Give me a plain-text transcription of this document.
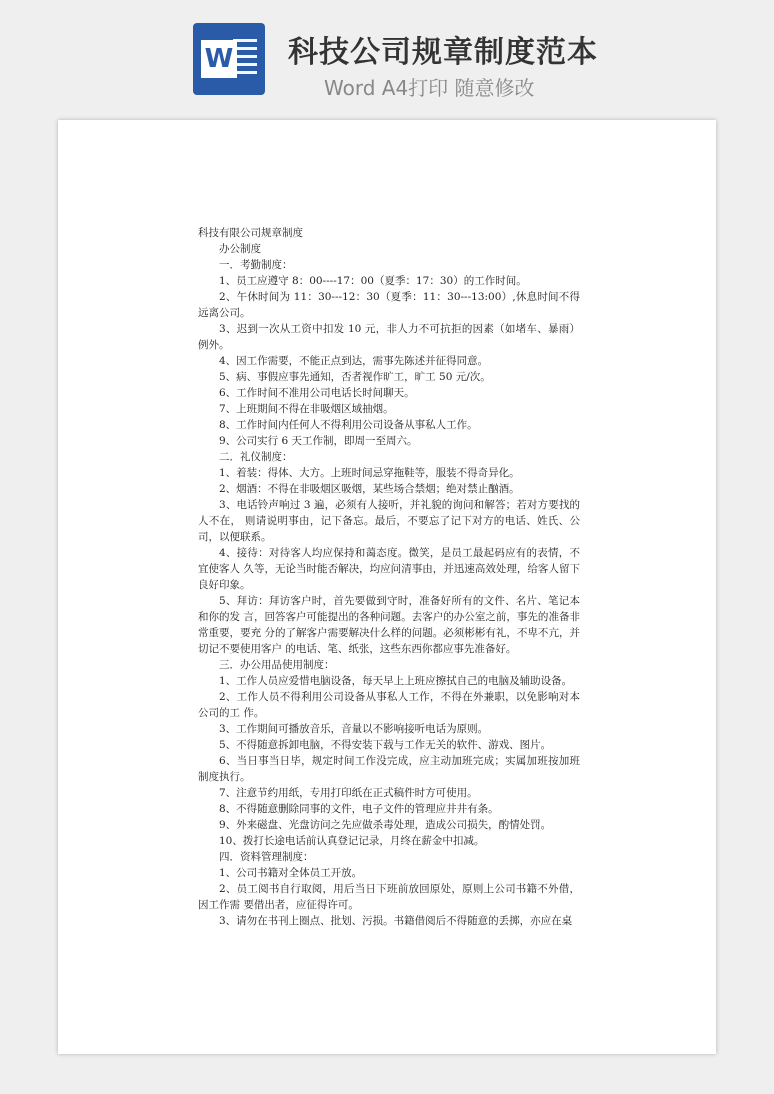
W 科技公司规章制度范本
Word A4打印 随意修改

科技有限公司规章制度

办公制度

一．考勤制度：

1、员工应遵守 8：00----17：00（夏季：17：30）的工作时间。

2、午休时间为 11：30---12：30（夏季：11：30---13:00）,休息时间不得远离公司。

3、迟到一次从工资中扣发 10 元，非人力不可抗拒的因素（如堵车、暴雨）例外。

4、因工作需要，不能正点到达，需事先陈述并征得同意。

5、病、事假应事先通知，否者视作旷工，旷工 50 元/次。

6、工作时间不准用公司电话长时间聊天。

7、上班期间不得在非吸烟区域抽烟。

8、工作时间内任何人不得利用公司设备从事私人工作。

9、公司实行 6 天工作制，即周一至周六。

二．礼仪制度：

1、着装：得体、大方。上班时间忌穿拖鞋等，服装不得奇异化。

2、烟酒：不得在非吸烟区吸烟，某些场合禁烟；绝对禁止酗酒。

3、电话铃声响过 3 遍，必须有人接听，并礼貌的询问和解答；若对方要找的人不在， 则请说明事由，记下备忘。最后，不要忘了记下对方的电话、姓氏、公司，以便联系。

4、接待：对待客人均应保持和蔼态度。微笑，是员工最起码应有的表情，不宜使客人 久等，无论当时能否解决，均应问清事由，并迅速高效处理，给客人留下良好印象。

5、拜访：拜访客户时，首先要做到守时，准备好所有的文件、名片、笔记本和你的发 言，回答客户可能提出的各种问题。去客户的办公室之前，事先的准备非常重要，要充 分的了解客户需要解决什么样的问题。必须彬彬有礼，不卑不亢，并切记不要使用客户 的电话、笔、纸张，这些东西你都应事先准备好。

三．办公用品使用制度：

1、工作人员应爱惜电脑设备，每天早上上班应擦拭自己的电脑及辅助设备。

2、工作人员不得利用公司设备从事私人工作，不得在外兼职，以免影响对本公司的工 作。

3、工作期间可播放音乐，音量以不影响接听电话为原则。

5、不得随意拆卸电脑，不得安装下载与工作无关的软件、游戏、图片。

6、当日事当日毕，规定时间工作没完成，应主动加班完成；实属加班按加班制度执行。

7、注意节约用纸，专用打印纸在正式稿件时方可使用。

8、不得随意删除同事的文件，电子文件的管理应井井有条。

9、外来磁盘、光盘访问之先应做杀毒处理，造成公司损失，酌情处罚。

10、拨打长途电话前认真登记记录，月终在薪金中扣减。

四．资料管理制度：

1、公司书籍对全体员工开放。

2、员工阅书自行取阅，用后当日下班前放回原处，原则上公司书籍不外借，因工作需 要借出者，应征得许可。

3、请勿在书刊上圈点、批划、污损。书籍借阅后不得随意的丢掷，亦应在桌
